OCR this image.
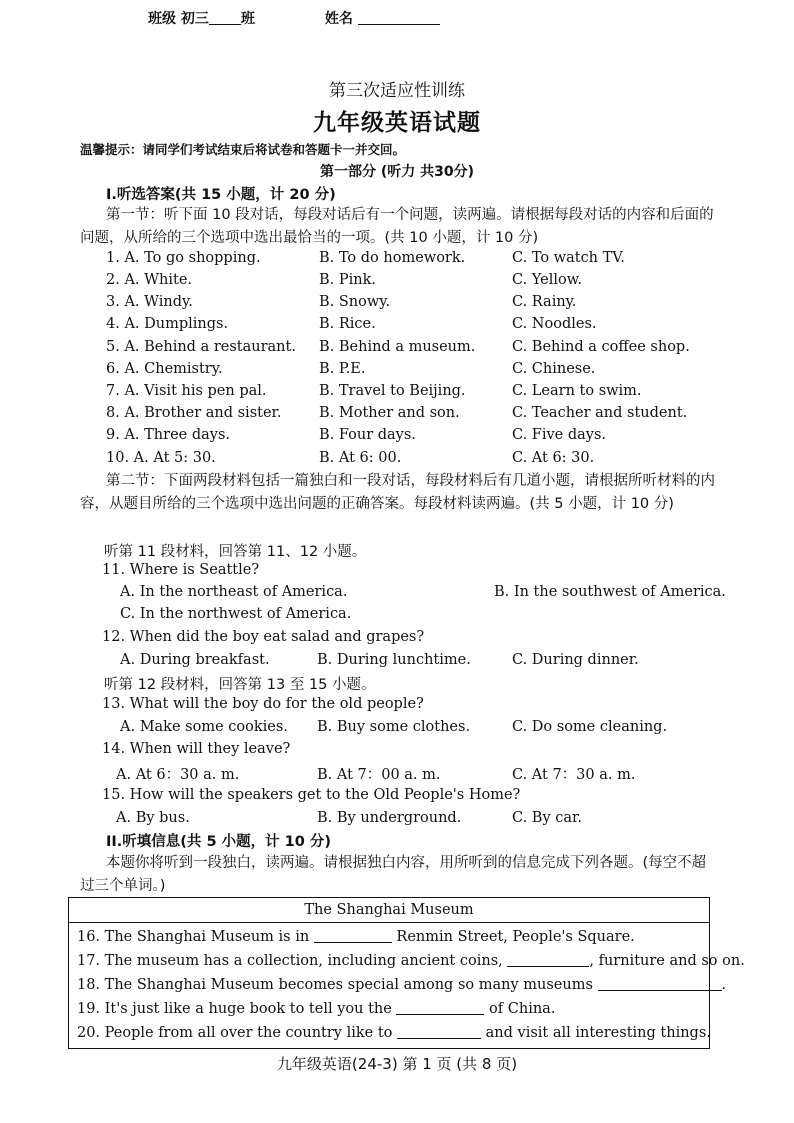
班级 初三 班	姓名
第三次适应性训练
九年级英语试题
温馨提示：请同学们考试结束后将试卷和答题卡一并交回。
第一部分 (听力 共30分)
I.听选答案(共 15 小题，计 20 分)
第一节：听下面 10 段对话，每段对话后有一个问题，读两遍。请根据每段对话的内容和后面的问题，从所给的三个选项中选出最恰当的一项。(共 10 小题，计 10 分)
1. A. To go shopping.	B. To do homework.	C. To watch TV.
2. A. White.	B. Pink.	C. Yellow.
3. A. Windy.	B. Snowy.	C. Rainy.
4. A. Dumplings.	B. Rice.	C. Noodles.
5. A. Behind a restaurant. B. Behind a museum.	C. Behind a coffee shop.
6. A. Chemistry.	B. P.E.	C. Chinese.
7. A. Visit his pen pal.	B. Travel to Beijing.	C. Learn to swim.
8. A. Brother and sister.	B. Mother and son.	C. Teacher and student.
9. A. Three days.	B. Four days.	C. Five days.
10. A. At 5: 30.	B. At 6: 00.	C. At 6: 30.
第二节：下面两段材料包括一篇独白和一段对话，每段材料后有几道小题，请根据所听材料的内容，从题目所给的三个选项中选出问题的正确答案。每段材料读两遍。(共 5 小题，计 10 分)
听第 11 段材料，回答第 11、12 小题。
11. Where is Seattle?
A. In the northeast of America.	B. In the southwest of America.
C. In the northwest of America.
12. When did the boy eat salad and grapes?
A. During breakfast.	B. During lunchtime.	C. During dinner.
听第 12 段材料，回答第 13 至 15 小题。
13. What will the boy do for the old people?
A. Make some cookies. B. Buy some clothes.	C. Do some cleaning.
14. When will they leave?
A. At 6：30 a. m.	B. At 7：00 a. m.	C. At 7：30 a. m.
15. How will the speakers get to the Old People's Home?
A. By bus.	B. By underground.	C. By car.
II.听填信息(共 5 小题，计 10 分)
本题你将听到一段独白，读两遍。请根据独白内容，用所听到的信息完成下列各题。(每空不超过三个单词。)
The Shanghai Museum
16. The Shanghai Museum is in	Renmin Street, People's Square.
17. The museum has a collection, including ancient coins,	, furniture and so on.
18. The Shanghai Museum becomes special among so many museums	.
19. It's just like a huge book to tell you the	of China.
20. People from all over the country like to	and visit all interesting things.
九年级英语(24-3) 第 1 页 (共 8 页)
